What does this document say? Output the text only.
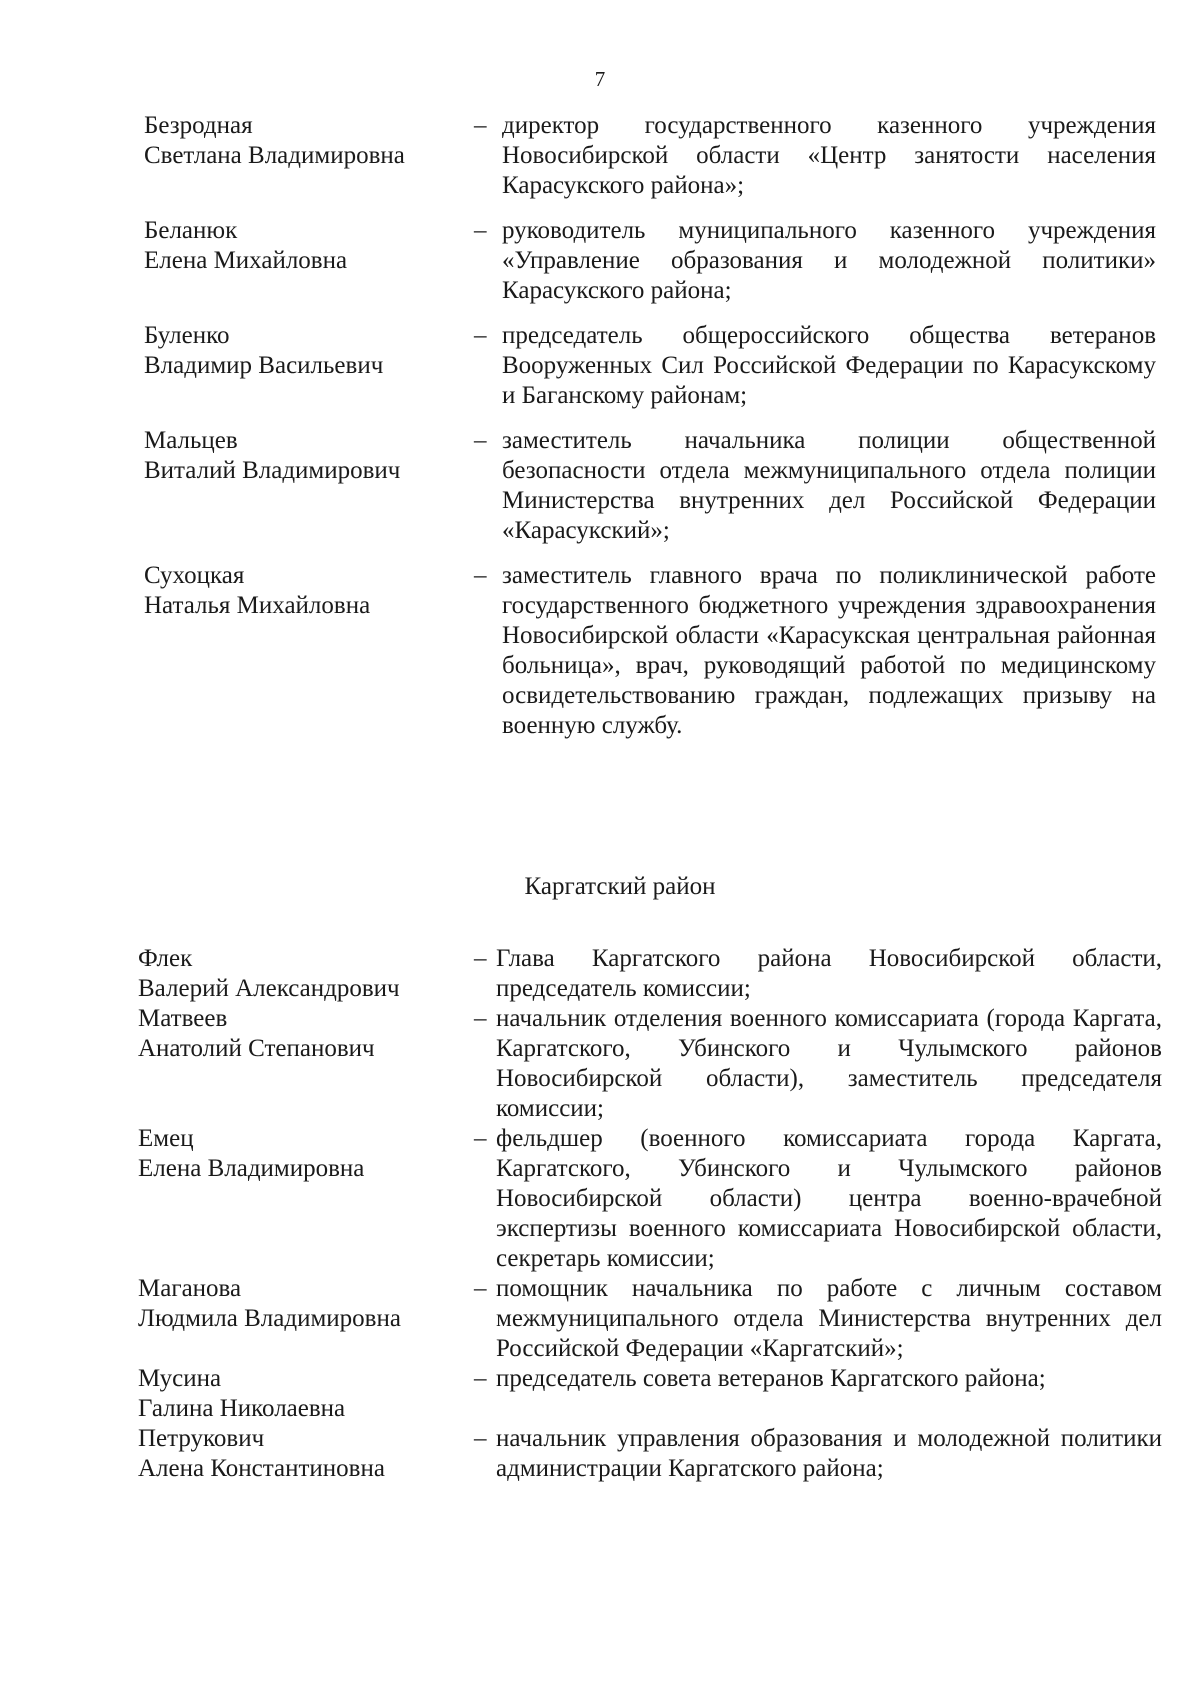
7
Безродная
Светлана Владимировна
– директор государственного казенного учреждения Новосибирской области «Центр занятости населения Карасукского района»;
Беланюк
Елена Михайловна
– руководитель муниципального казенного учреждения «Управление образования и молодежной политики» Карасукского района;
Буленко
Владимир Васильевич
– председатель общероссийского общества ветеранов Вооруженных Сил Российской Федерации по Карасукскому и Баганскому районам;
Мальцев
Виталий Владимирович
– заместитель начальника полиции общественной безопасности отдела межмуниципального отдела полиции Министерства внутренних дел Российской Федерации «Карасукский»;
Сухоцкая
Наталья Михайловна
– заместитель главного врача по поликлинической работе государственного бюджетного учреждения здравоохранения Новосибирской области «Карасукская центральная районная больница», врач, руководящий работой по медицинскому освидетельствованию граждан, подлежащих призыву на военную службу.
Каргатский район
Флек
Валерий Александрович
– Глава Каргатского района Новосибирской области, председатель комиссии;
Матвеев
Анатолий Степанович
– начальник отделения военного комиссариата (города Каргата, Каргатского, Убинского и Чулымского районов Новосибирской области), заместитель председателя комиссии;
Емец
Елена Владимировна
– фельдшер (военного комиссариата города Каргата, Каргатского, Убинского и Чулымского районов Новосибирской области) центра военно-врачебной экспертизы военного комиссариата Новосибирской области, секретарь комиссии;
Маганова
Людмила Владимировна
– помощник начальника по работе с личным составом межмуниципального отдела Министерства внутренних дел Российской Федерации «Каргатский»;
Мусина
Галина Николаевна
– председатель совета ветеранов Каргатского района;
Петрукович
Алена Константиновна
– начальник управления образования и молодежной политики администрации Каргатского района;
